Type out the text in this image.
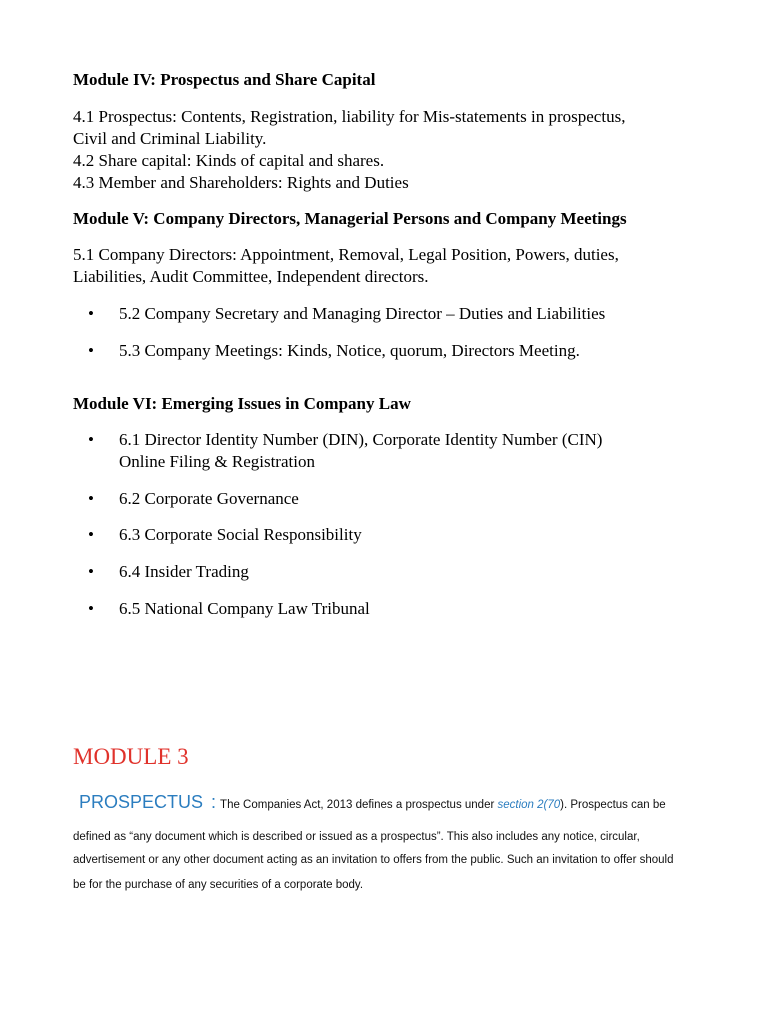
Module IV: Prospectus and Share Capital
4.1 Prospectus: Contents, Registration, liability for Mis-statements in prospectus,
Civil and Criminal Liability.
4.2 Share capital: Kinds of capital and shares.
4.3 Member and Shareholders: Rights and Duties
Module V: Company Directors, Managerial Persons and Company Meetings
5.1 Company Directors: Appointment, Removal, Legal Position, Powers, duties,
Liabilities, Audit Committee, Independent directors.
• 5.2 Company Secretary and Managing Director – Duties and Liabilities
• 5.3 Company Meetings: Kinds, Notice, quorum, Directors Meeting.
Module VI: Emerging Issues in Company Law
• 6.1 Director Identity Number (DIN), Corporate Identity Number (CIN)
Online Filing & Registration
• 6.2 Corporate Governance
• 6.3 Corporate Social Responsibility
• 6.4 Insider Trading
• 6.5 National Company Law Tribunal
MODULE 3
PROSPECTUS : The Companies Act, 2013 defines a prospectus under section 2(70). Prospectus can be
defined as “any document which is described or issued as a prospectus”. This also includes any notice, circular,
advertisement or any other document acting as an invitation to offers from the public. Such an invitation to offer should
be for the purchase of any securities of a corporate body.
